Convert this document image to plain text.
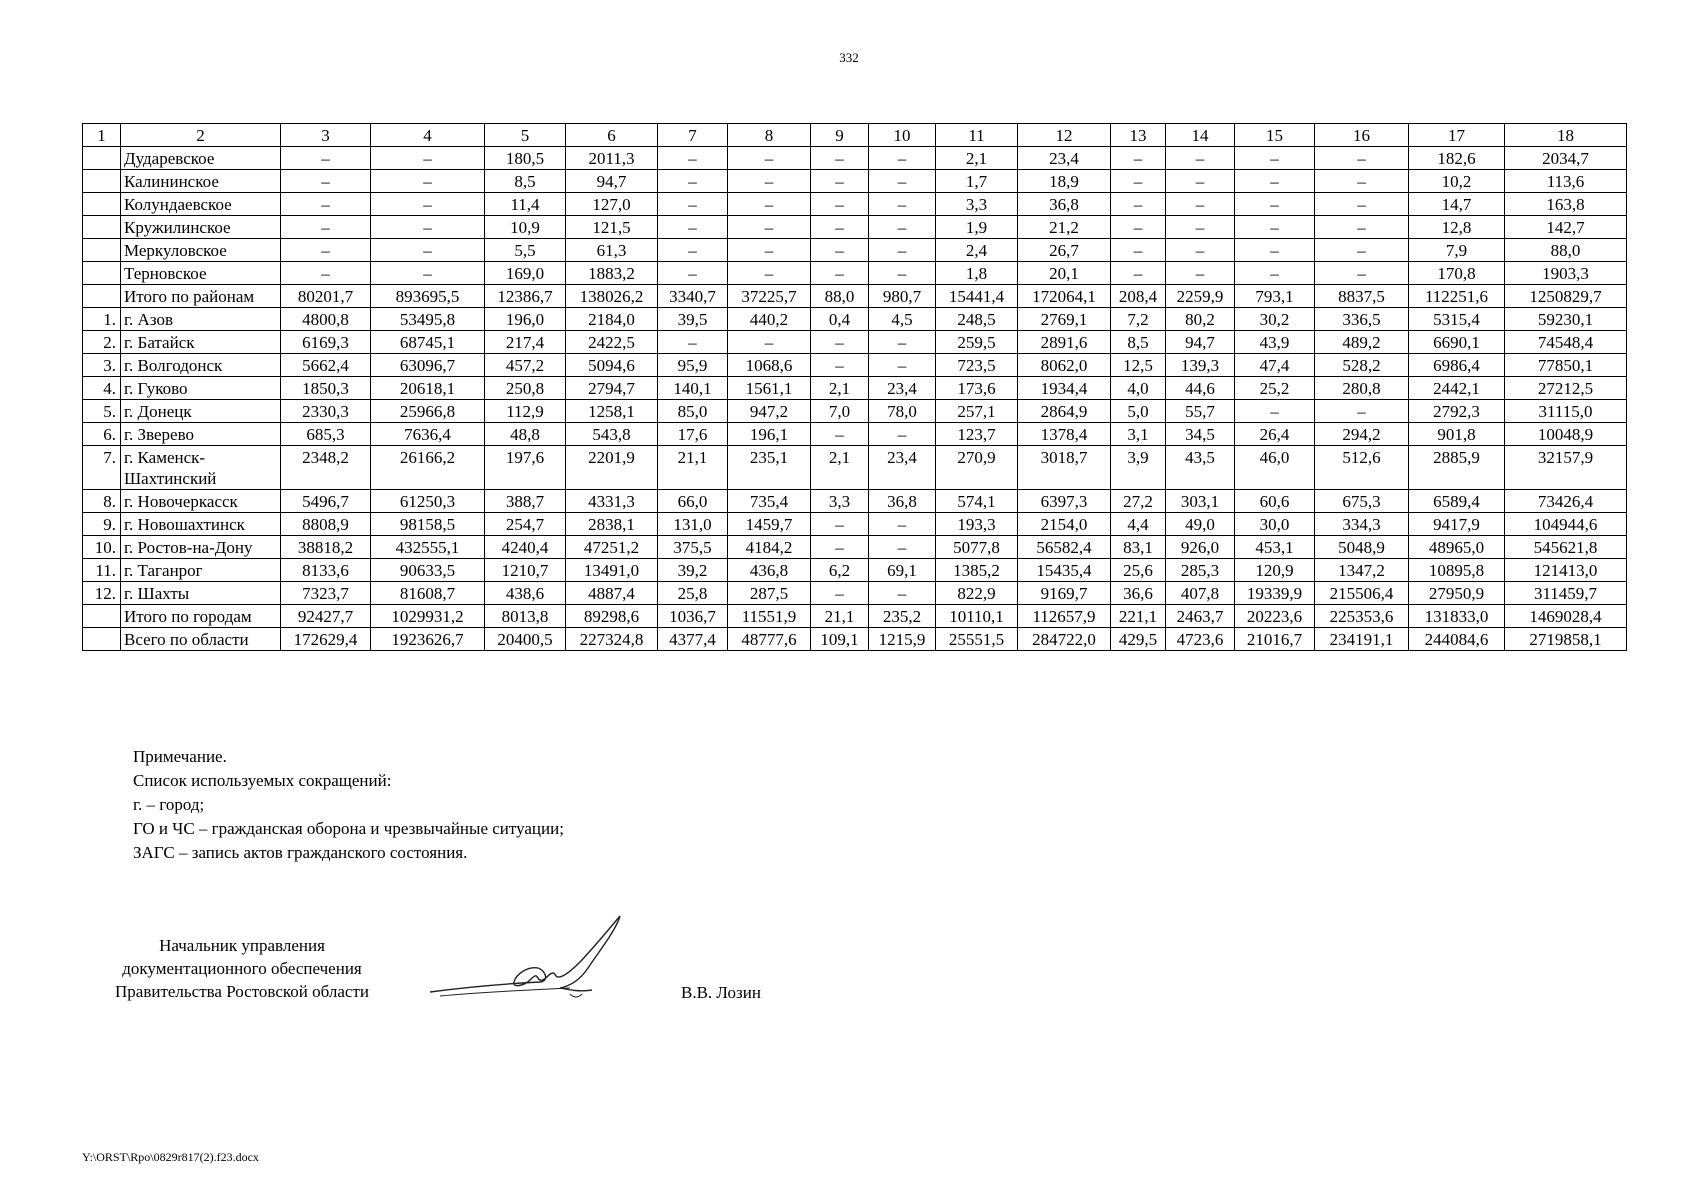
332
1	2	3	4	5	6	7	8	9	10	11	12	13	14	15	16	17	18
	Дударевское	–	–	180,5	2011,3	–	–	–	–	2,1	23,4	–	–	–	–	182,6	2034,7
	Калининское	–	–	8,5	94,7	–	–	–	–	1,7	18,9	–	–	–	–	10,2	113,6
	Колундаевское	–	–	11,4	127,0	–	–	–	–	3,3	36,8	–	–	–	–	14,7	163,8
	Кружилинское	–	–	10,9	121,5	–	–	–	–	1,9	21,2	–	–	–	–	12,8	142,7
	Меркуловское	–	–	5,5	61,3	–	–	–	–	2,4	26,7	–	–	–	–	7,9	88,0
	Терновское	–	–	169,0	1883,2	–	–	–	–	1,8	20,1	–	–	–	–	170,8	1903,3
	Итого по районам	80201,7	893695,5	12386,7	138026,2	3340,7	37225,7	88,0	980,7	15441,4	172064,1	208,4	2259,9	793,1	8837,5	112251,6	1250829,7
1.	г. Азов	4800,8	53495,8	196,0	2184,0	39,5	440,2	0,4	4,5	248,5	2769,1	7,2	80,2	30,2	336,5	5315,4	59230,1
2.	г. Батайск	6169,3	68745,1	217,4	2422,5	–	–	–	–	259,5	2891,6	8,5	94,7	43,9	489,2	6690,1	74548,4
3.	г. Волгодонск	5662,4	63096,7	457,2	5094,6	95,9	1068,6	–	–	723,5	8062,0	12,5	139,3	47,4	528,2	6986,4	77850,1
4.	г. Гуково	1850,3	20618,1	250,8	2794,7	140,1	1561,1	2,1	23,4	173,6	1934,4	4,0	44,6	25,2	280,8	2442,1	27212,5
5.	г. Донецк	2330,3	25966,8	112,9	1258,1	85,0	947,2	7,0	78,0	257,1	2864,9	5,0	55,7	–	–	2792,3	31115,0
6.	г. Зверево	685,3	7636,4	48,8	543,8	17,6	196,1	–	–	123,7	1378,4	3,1	34,5	26,4	294,2	901,8	10048,9
7.	г. Каменск-Шахтинский	2348,2	26166,2	197,6	2201,9	21,1	235,1	2,1	23,4	270,9	3018,7	3,9	43,5	46,0	512,6	2885,9	32157,9
8.	г. Новочеркасск	5496,7	61250,3	388,7	4331,3	66,0	735,4	3,3	36,8	574,1	6397,3	27,2	303,1	60,6	675,3	6589,4	73426,4
9.	г. Новошахтинск	8808,9	98158,5	254,7	2838,1	131,0	1459,7	–	–	193,3	2154,0	4,4	49,0	30,0	334,3	9417,9	104944,6
10.	г. Ростов-на-Дону	38818,2	432555,1	4240,4	47251,2	375,5	4184,2	–	–	5077,8	56582,4	83,1	926,0	453,1	5048,9	48965,0	545621,8
11.	г. Таганрог	8133,6	90633,5	1210,7	13491,0	39,2	436,8	6,2	69,1	1385,2	15435,4	25,6	285,3	120,9	1347,2	10895,8	121413,0
12.	г. Шахты	7323,7	81608,7	438,6	4887,4	25,8	287,5	–	–	822,9	9169,7	36,6	407,8	19339,9	215506,4	27950,9	311459,7
	Итого по городам	92427,7	1029931,2	8013,8	89298,6	1036,7	11551,9	21,1	235,2	10110,1	112657,9	221,1	2463,7	20223,6	225353,6	131833,0	1469028,4
	Всего по области	172629,4	1923626,7	20400,5	227324,8	4377,4	48777,6	109,1	1215,9	25551,5	284722,0	429,5	4723,6	21016,7	234191,1	244084,6	2719858,1
Примечание.
Список используемых сокращений:
г. – город;
ГО и ЧС – гражданская оборона и чрезвычайные ситуации;
ЗАГС – запись актов гражданского состояния.
Начальник управления
документационного обеспечения
Правительства Ростовской области	В.В. Лозин
Y:\ORST\Rpo\0829r817(2).f23.docx
